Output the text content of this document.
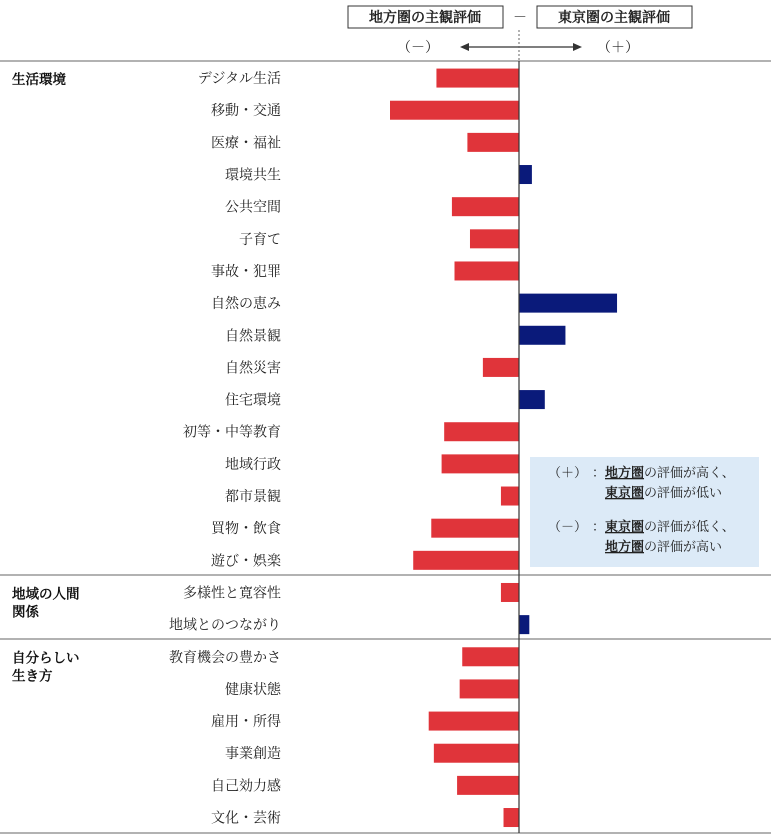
地方圏の主観評価 － 東京圏の主観評価
（－）	（＋）
生活環境	デジタル生活
移動・交通
医療・福祉
環境共生
公共空間
子育て
事故・犯罪
自然の恵み
自然景観
自然災害
住宅環境
初等・中等教育
地域行政
都市景観
買物・飲食
遊び・娯楽
地域の人間
関係
多様性と寛容性
地域とのつながり
自分らしい
生き方
教育機会の豊かさ
健康状態
雇用・所得
事業創造
自己効力感
文化・芸術
（＋） ： 地方圏の評価が高く、
東京圏の評価が低い
（－） ： 東京圏の評価が低く、
地方圏の評価が高い
